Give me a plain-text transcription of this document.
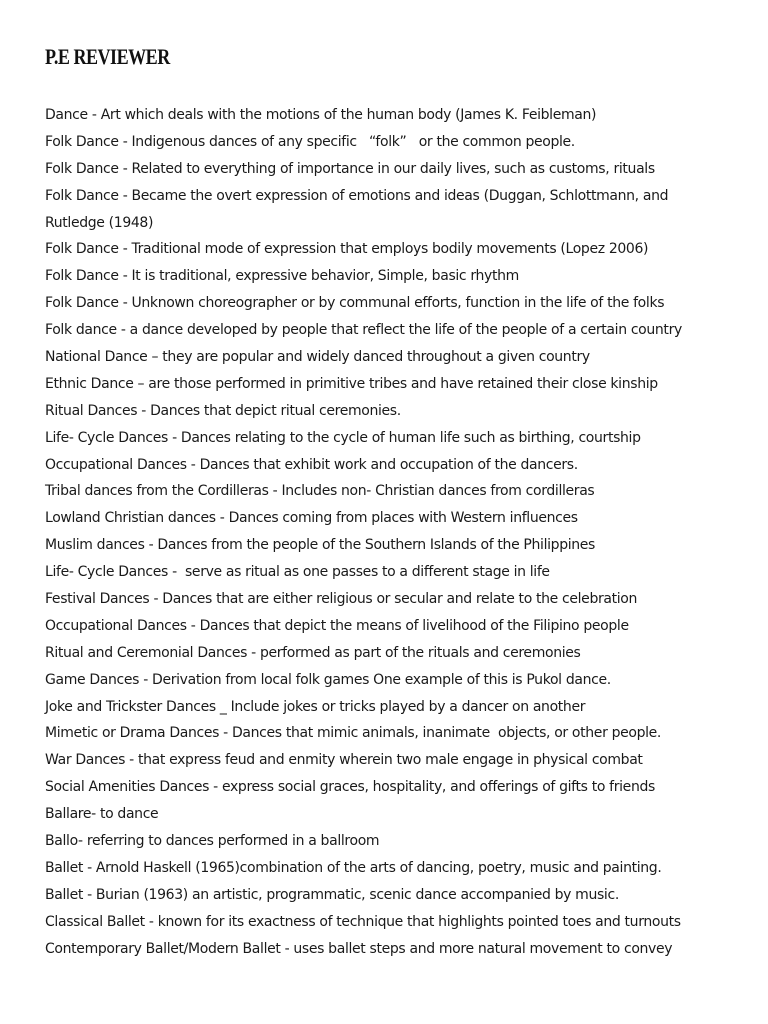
P.E REVIEWER
Dance - Art which deals with the motions of the human body (James K. Feibleman)
Folk Dance - Indigenous dances of any specific   “folk”   or the common people.
Folk Dance - Related to everything of importance in our daily lives, such as customs, rituals
Folk Dance - Became the overt expression of emotions and ideas (Duggan, Schlottmann, and
Rutledge (1948)
Folk Dance - Traditional mode of expression that employs bodily movements (Lopez 2006)
Folk Dance - It is traditional, expressive behavior, Simple, basic rhythm
Folk Dance - Unknown choreographer or by communal efforts, function in the life of the folks
Folk dance - a dance developed by people that reflect the life of the people of a certain country
National Dance – they are popular and widely danced throughout a given country
Ethnic Dance – are those performed in primitive tribes and have retained their close kinship
Ritual Dances - Dances that depict ritual ceremonies.
Life- Cycle Dances - Dances relating to the cycle of human life such as birthing, courtship
Occupational Dances - Dances that exhibit work and occupation of the dancers.
Tribal dances from the Cordilleras - Includes non- Christian dances from cordilleras
Lowland Christian dances - Dances coming from places with Western influences
Muslim dances - Dances from the people of the Southern Islands of the Philippines
Life- Cycle Dances -  serve as ritual as one passes to a different stage in life
Festival Dances - Dances that are either religious or secular and relate to the celebration
Occupational Dances - Dances that depict the means of livelihood of the Filipino people
Ritual and Ceremonial Dances - performed as part of the rituals and ceremonies
Game Dances - Derivation from local folk games One example of this is Pukol dance.
Joke and Trickster Dances _ Include jokes or tricks played by a dancer on another
Mimetic or Drama Dances - Dances that mimic animals, inanimate  objects, or other people.
War Dances - that express feud and enmity wherein two male engage in physical combat
Social Amenities Dances - express social graces, hospitality, and offerings of gifts to friends
Ballare- to dance
Ballo- referring to dances performed in a ballroom
Ballet - Arnold Haskell (1965)combination of the arts of dancing, poetry, music and painting.
Ballet - Burian (1963) an artistic, programmatic, scenic dance accompanied by music.
Classical Ballet - known for its exactness of technique that highlights pointed toes and turnouts
Contemporary Ballet/Modern Ballet - uses ballet steps and more natural movement to convey
